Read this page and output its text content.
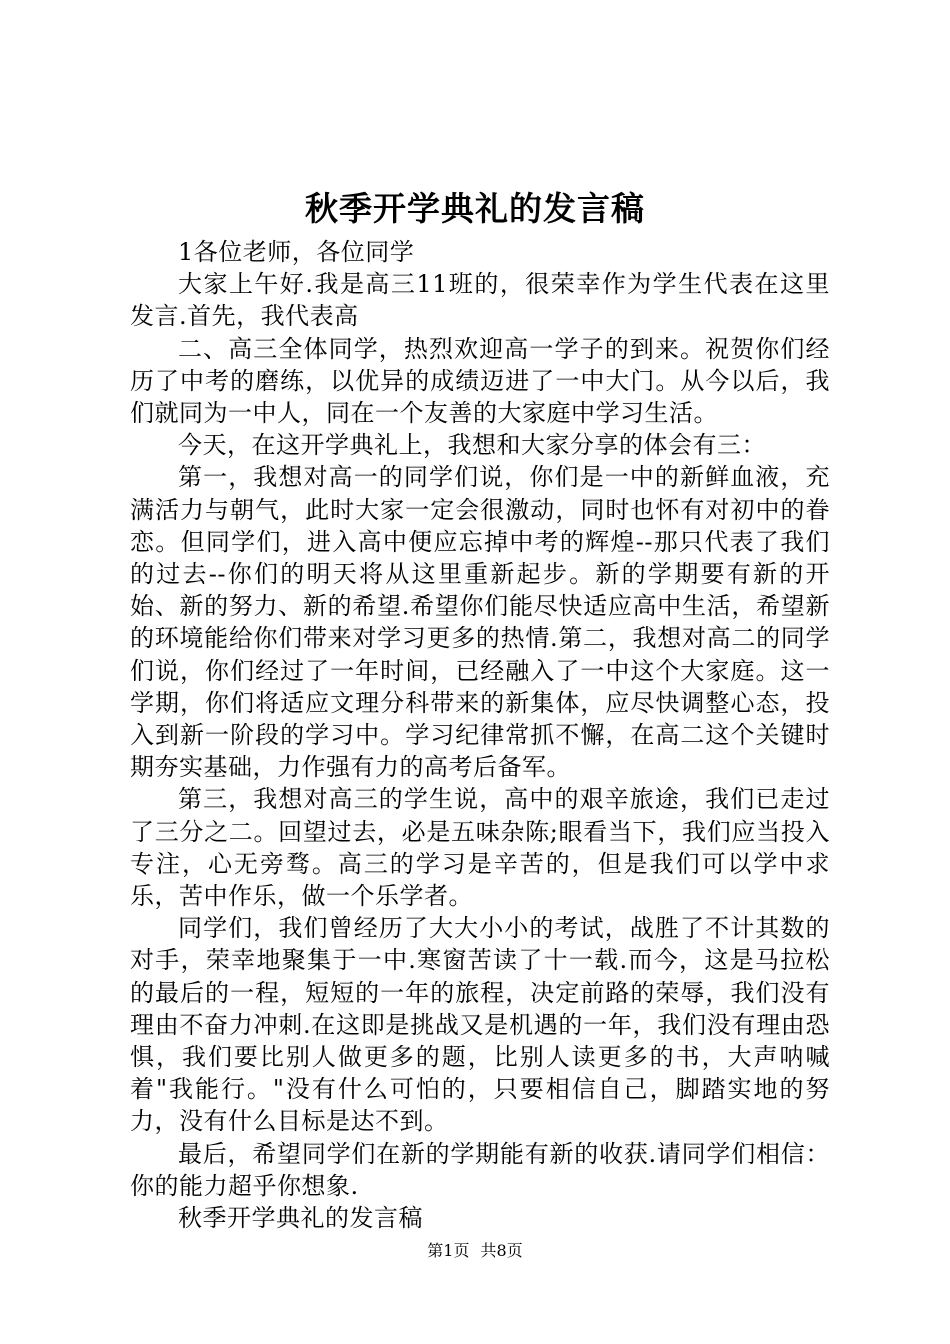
秋季开学典礼的发言稿

1各位老师，各位同学

大家上午好.我是高三11班的，很荣幸作为学生代表在这里发言.首先，我代表高

二、高三全体同学，热烈欢迎高一学子的到来。祝贺你们经历了中考的磨练，以优异的成绩迈进了一中大门。从今以后，我们就同为一中人，同在一个友善的大家庭中学习生活。

今天，在这开学典礼上，我想和大家分享的体会有三：

第一，我想对高一的同学们说，你们是一中的新鲜血液，充满活力与朝气，此时大家一定会很激动，同时也怀有对初中的眷恋。但同学们，进入高中便应忘掉中考的辉煌--那只代表了我们的过去--你们的明天将从这里重新起步。新的学期要有新的开始、新的努力、新的希望.希望你们能尽快适应高中生活，希望新的环境能给你们带来对学习更多的热情.第二，我想对高二的同学们说，你们经过了一年时间，已经融入了一中这个大家庭。这一学期，你们将适应文理分科带来的新集体，应尽快调整心态，投入到新一阶段的学习中。学习纪律常抓不懈，在高二这个关键时期夯实基础，力作强有力的高考后备军。

第三，我想对高三的学生说，高中的艰辛旅途，我们已走过了三分之二。回望过去，必是五味杂陈;眼看当下，我们应当投入专注，心无旁骛。高三的学习是辛苦的，但是我们可以学中求乐，苦中作乐，做一个乐学者。

同学们，我们曾经历了大大小小的考试，战胜了不计其数的对手，荣幸地聚集于一中.寒窗苦读了十一载.而今，这是马拉松的最后的一程，短短的一年的旅程，决定前路的荣辱，我们没有理由不奋力冲刺.在这即是挑战又是机遇的一年，我们没有理由恐惧，我们要比别人做更多的题，比别人读更多的书，大声呐喊着"我能行。"没有什么可怕的，只要相信自己，脚踏实地的努力，没有什么目标是达不到。

最后，希望同学们在新的学期能有新的收获.请同学们相信：你的能力超乎你想象.

秋季开学典礼的发言稿

第1页 共8页
